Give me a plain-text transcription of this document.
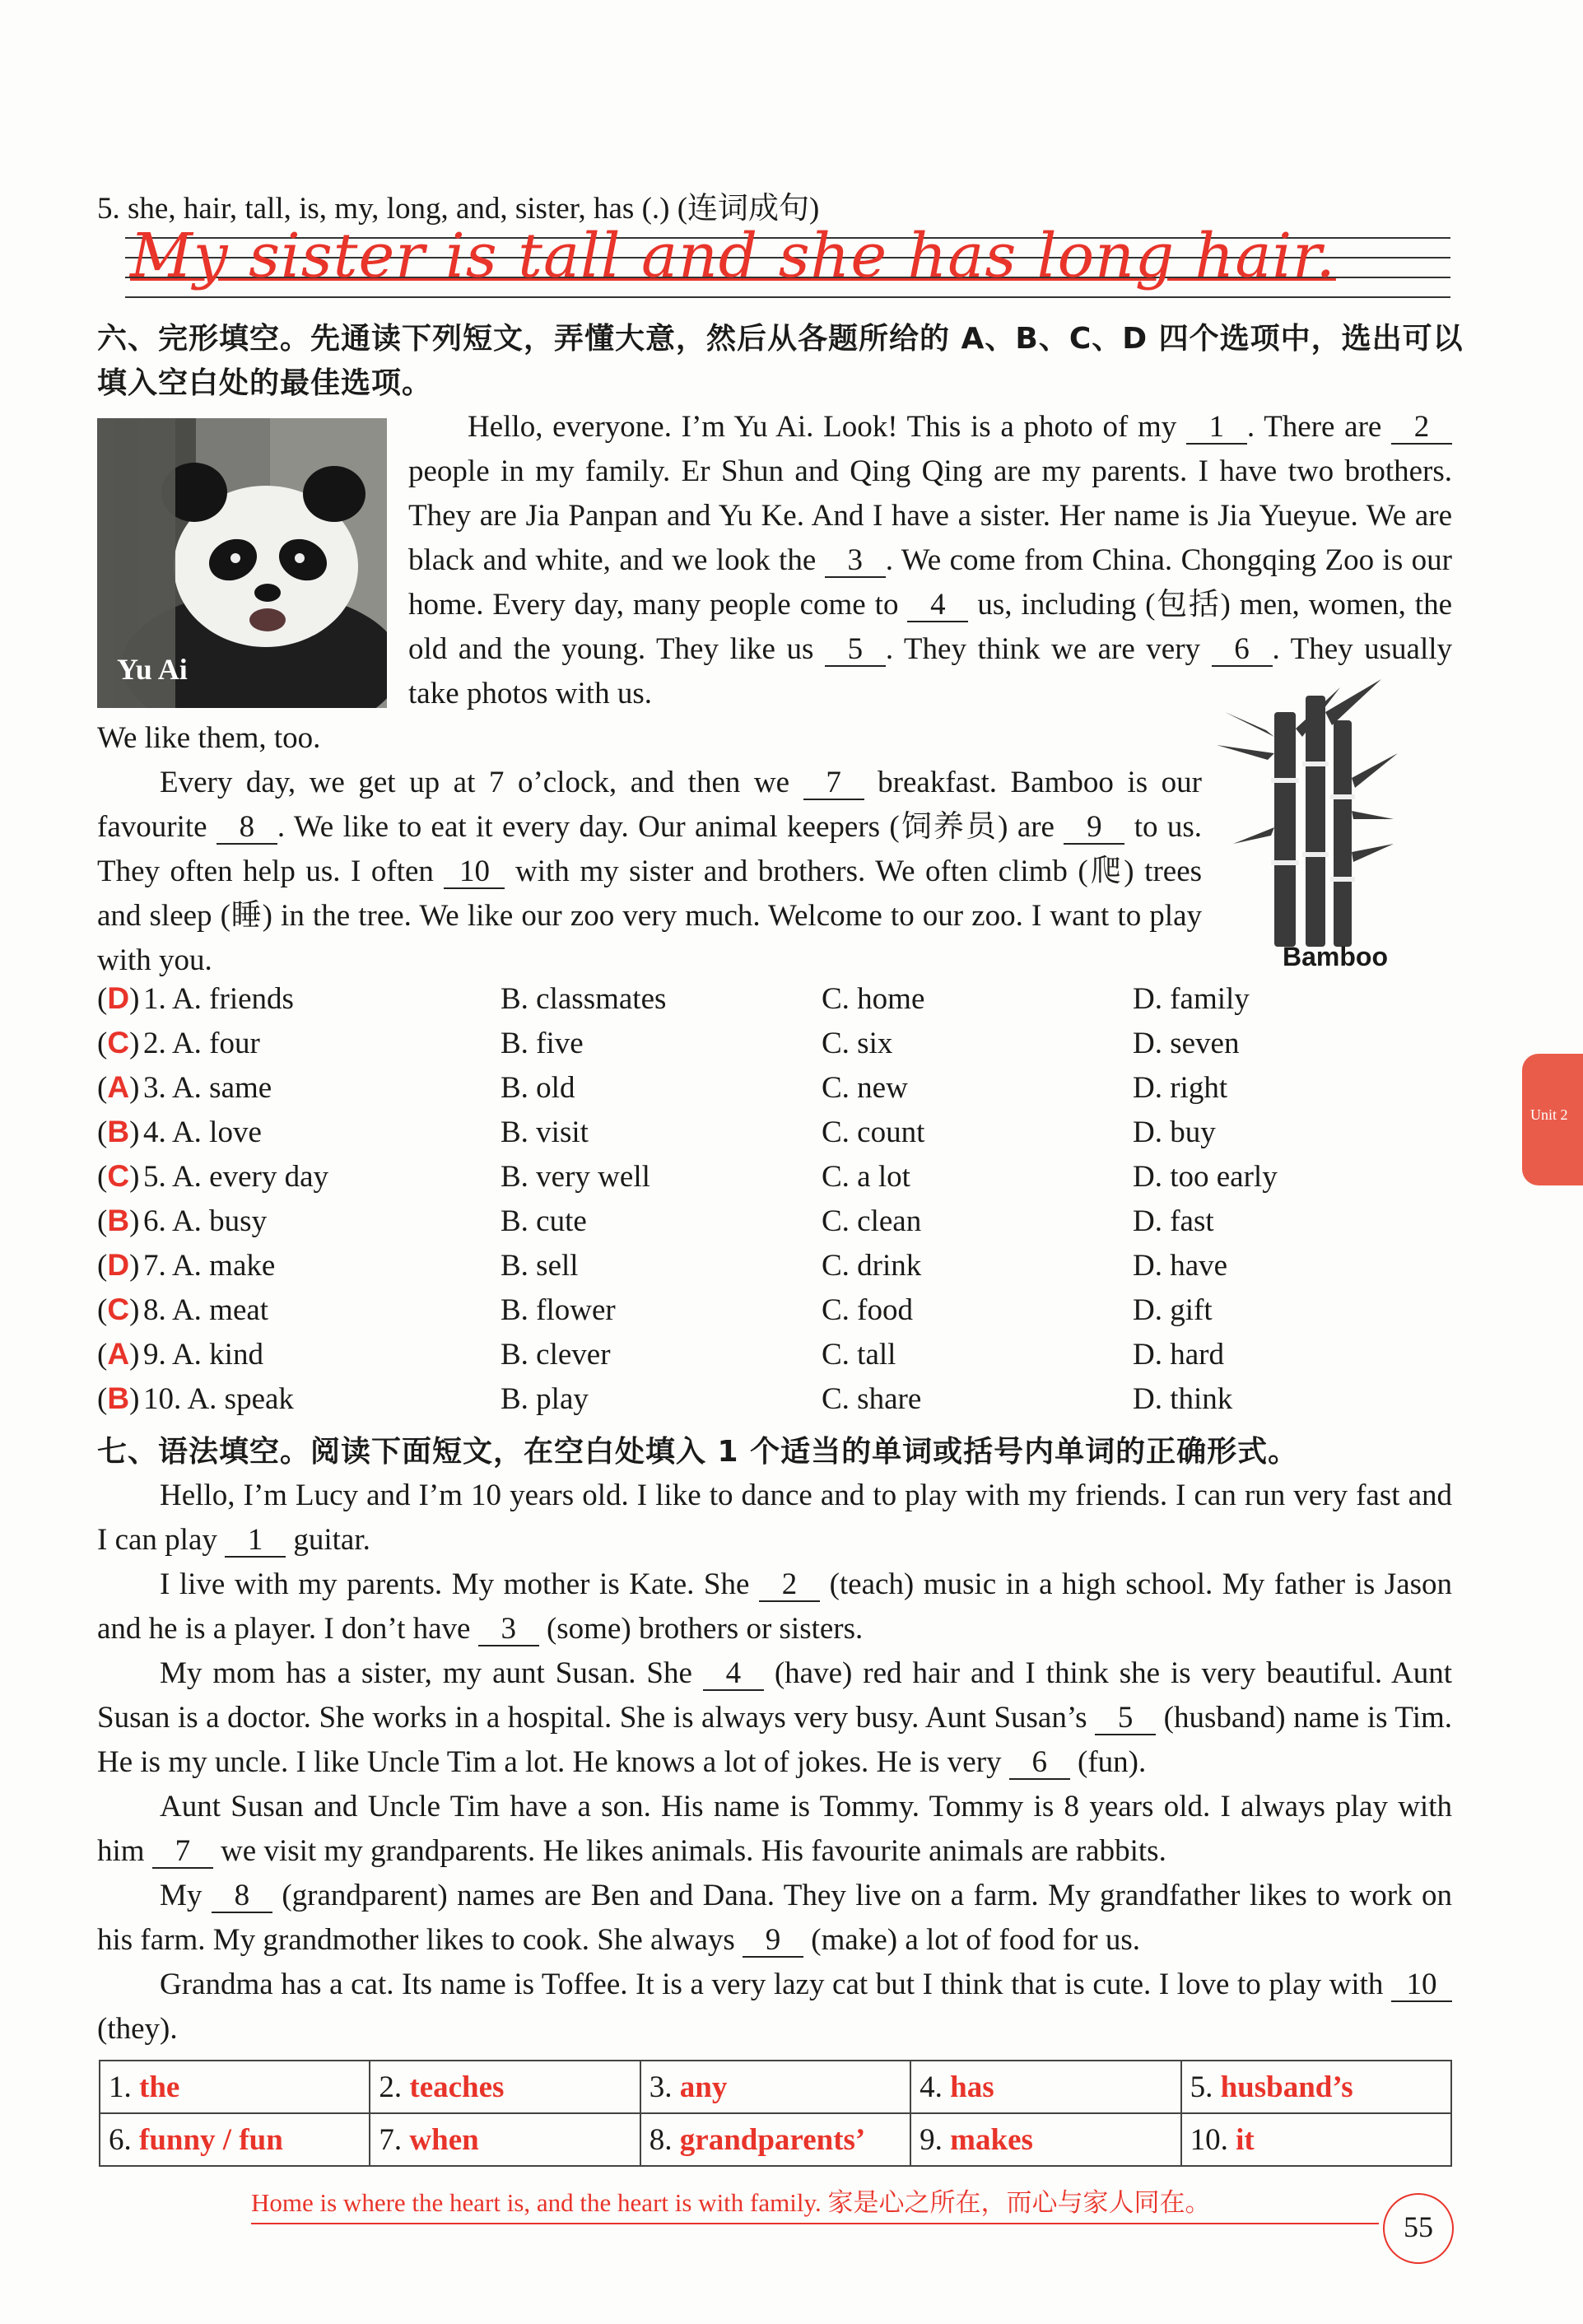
5. she, hair, tall, is, my, long, and, sister, has (.) (连词成句)
My sister is tall and she has long hair.
六、完形填空。先通读下列短文，弄懂大意，然后从各题所给的 A、B、C、D 四个选项中，选出可以
填入空白处的最佳选项。
Yu Ai
Hello, everyone. I’m Yu Ai. Look! This is a photo of my 1 . There are 2 people in my family. Er Shun and Qing Qing are my parents. I have two brothers. They are Jia Panpan and Yu Ke. And I have a sister. Her name is Jia Yueyue. We are black and white, and we look the 3 . We come from China. Chongqing Zoo is our home. Every day, many people come to 4 us, including (包括) men, women, the old and the young. They like us 5 . They think we are very 6 . They usually take photos with us.
We like them, too.
Bamboo
Every day, we get up at 7 o’clock, and then we 7 breakfast. Bamboo is our favourite 8 . We like to eat it every day. Our animal keepers (饲养员) are 9 to us. They often help us. I often 10 with my sister and brothers. We often climb (爬) trees and sleep (睡) in the tree. We like our zoo very much. Welcome to our zoo. I want to play with you.
(D) 1. A. friends	B. classmates	C. home	D. family
(C) 2. A. four	B. five	C. six	D. seven
(A) 3. A. same	B. old	C. new	D. right
(B) 4. A. love	B. visit	C. count	D. buy
(C) 5. A. every day	B. very well	C. a lot	D. too early
(B) 6. A. busy	B. cute	C. clean	D. fast
(D) 7. A. make	B. sell	C. drink	D. have
(C) 8. A. meat	B. flower	C. food	D. gift
(A) 9. A. kind	B. clever	C. tall	D. hard
(B) 10. A. speak	B. play	C. share	D. think
Unit 2
七、语法填空。阅读下面短文，在空白处填入 1 个适当的单词或括号内单词的正确形式。
Hello, I’m Lucy and I’m 10 years old. I like to dance and to play with my friends. I can run very fast and I can play 1 guitar.
I live with my parents. My mother is Kate. She 2 (teach) music in a high school. My father is Jason and he is a player. I don’t have 3 (some) brothers or sisters.
My mom has a sister, my aunt Susan. She 4 (have) red hair and I think she is very beautiful. Aunt Susan is a doctor. She works in a hospital. She is always very busy. Aunt Susan’s 5 (husband) name is Tim. He is my uncle. I like Uncle Tim a lot. He knows a lot of jokes. He is very 6 (fun).
Aunt Susan and Uncle Tim have a son. His name is Tommy. Tommy is 8 years old. I always play with him 7 we visit my grandparents. He likes animals. His favourite animals are rabbits.
My 8 (grandparent) names are Ben and Dana. They live on a farm. My grandfather likes to work on his farm. My grandmother likes to cook. She always 9 (make) a lot of food for us.
Grandma has a cat. Its name is Toffee. It is a very lazy cat but I think that is cute. I love to play with 10 (they).
1. the	2. teaches	3. any	4. has	5. husband’s
6. funny / fun	7. when	8. grandparents’	9. makes	10. it
Home is where the heart is, and the heart is with family. 家是心之所在，而心与家人同在。
55
